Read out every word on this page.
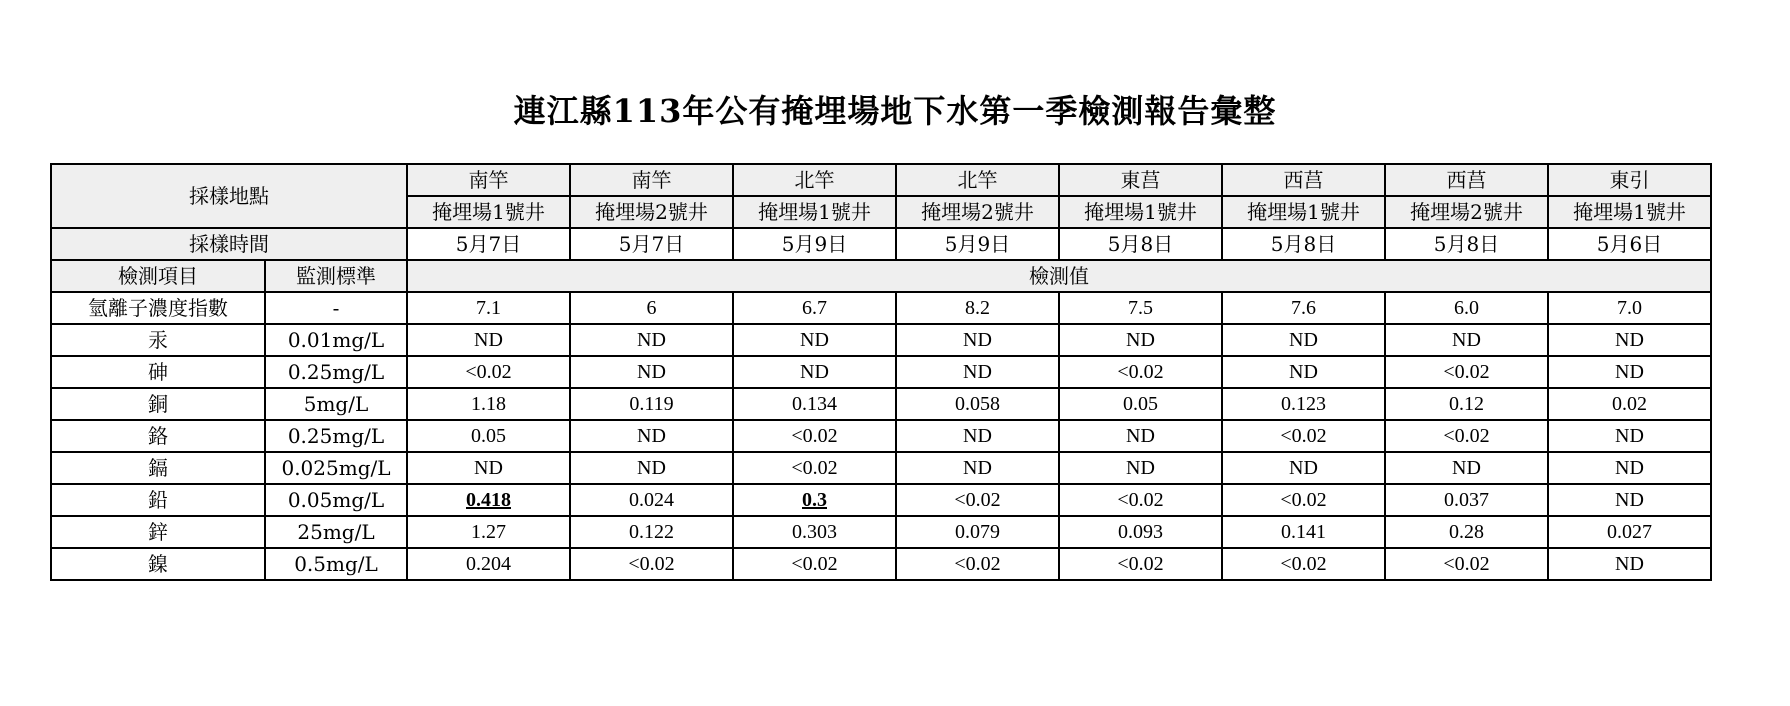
連江縣113年公有掩埋場地下水第一季檢測報告彙整
採樣地點		南竿	南竿	北竿	北竿	東莒	西莒	西莒	東引
		掩埋場1號井	掩埋場2號井	掩埋場1號井	掩埋場2號井	掩埋場1號井	掩埋場1號井	掩埋場2號井	掩埋場1號井
採樣時間		5月7日	5月7日	5月9日	5月9日	5月8日	5月8日	5月8日	5月6日
檢測項目	監測標準	檢測值							
氫離子濃度指數	-	7.1	6	6.7	8.2	7.5	7.6	6.0	7.0
汞	0.01mg/L	ND	ND	ND	ND	ND	ND	ND	ND
砷	0.25mg/L	<0.02	ND	ND	ND	<0.02	ND	<0.02	ND
銅	5mg/L	1.18	0.119	0.134	0.058	0.05	0.123	0.12	0.02
鉻	0.25mg/L	0.05	ND	<0.02	ND	ND	<0.02	<0.02	ND
鎘	0.025mg/L	ND	ND	<0.02	ND	ND	ND	ND	ND
鉛	0.05mg/L	0.418	0.024	0.3	<0.02	<0.02	<0.02	0.037	ND
鋅	25mg/L	1.27	0.122	0.303	0.079	0.093	0.141	0.28	0.027
鎳	0.5mg/L	0.204	<0.02	<0.02	<0.02	<0.02	<0.02	<0.02	ND
